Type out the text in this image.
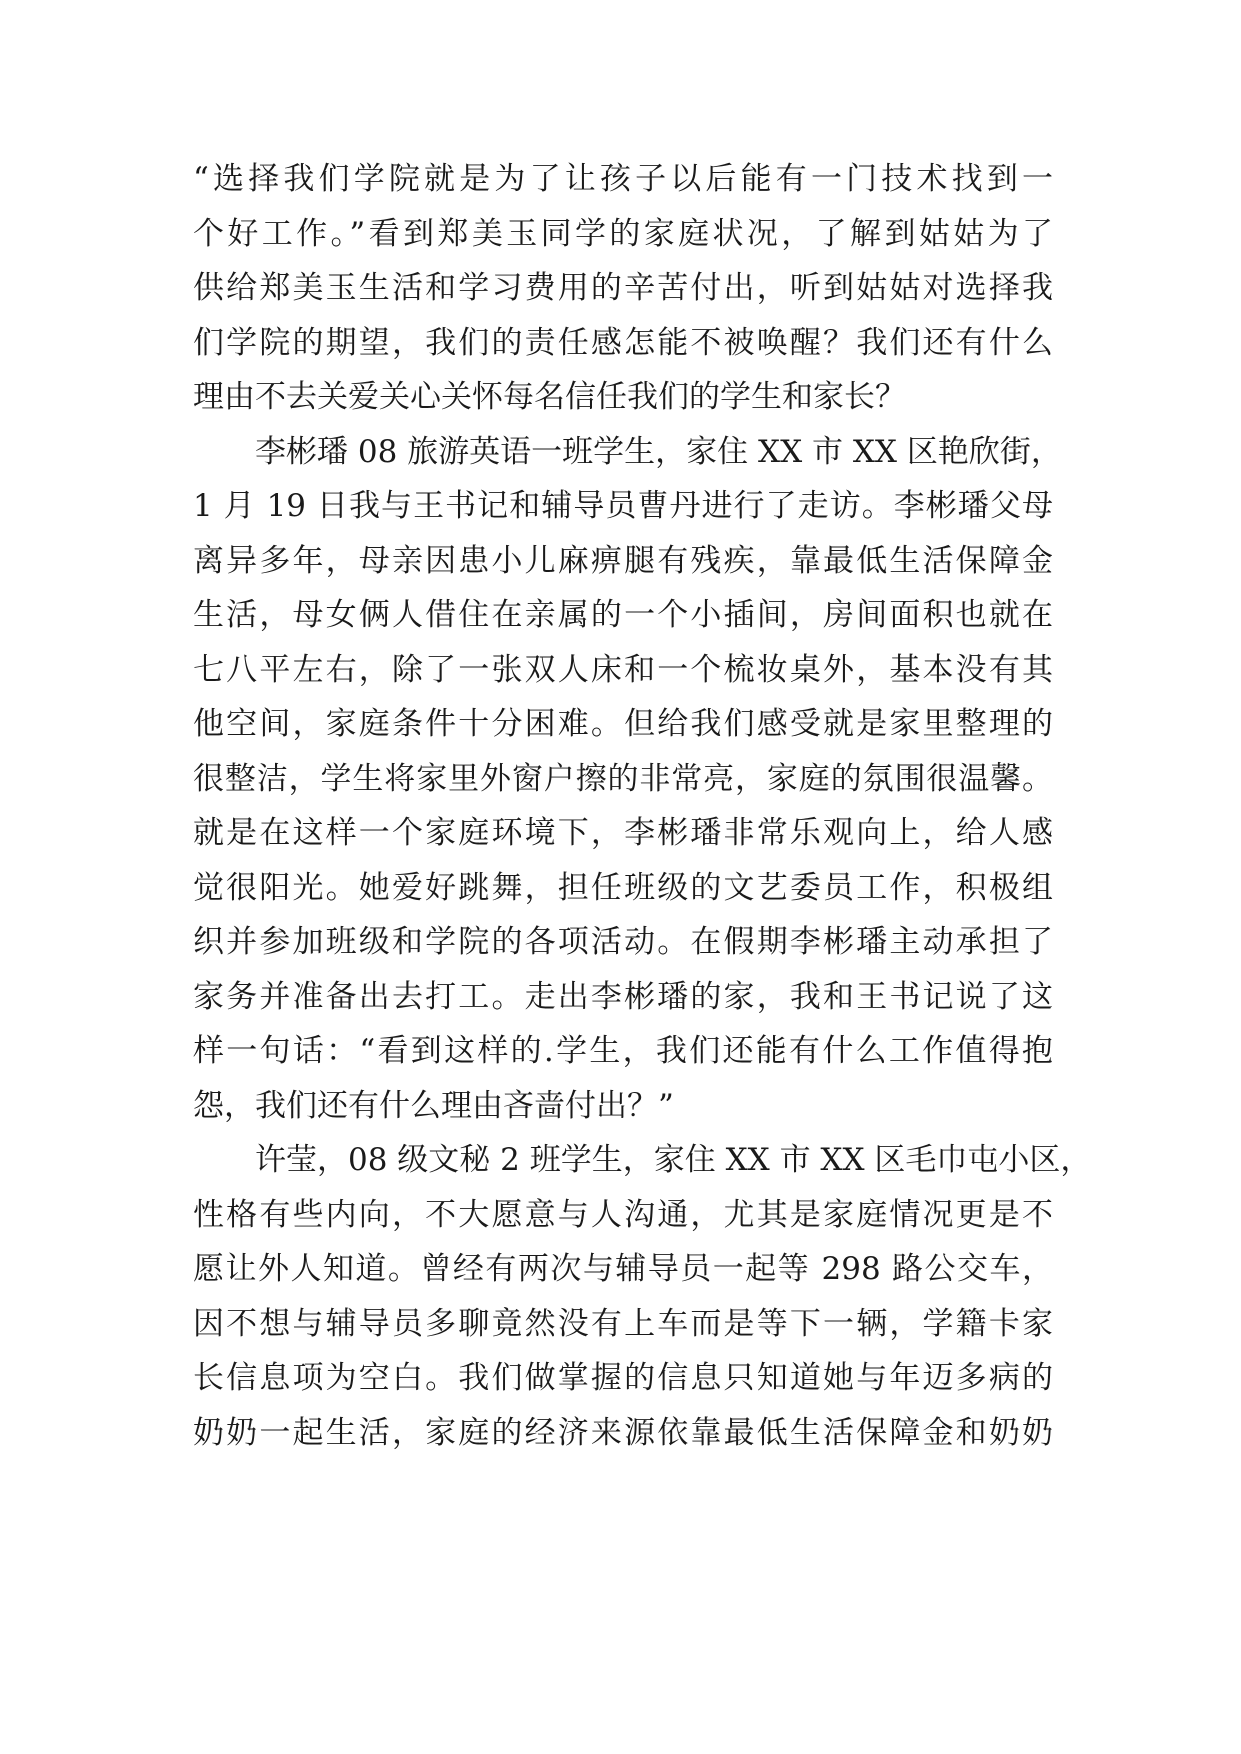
“选择我们学院就是为了让孩子以后能有一门技术找到一
个好工作。”看到郑美玉同学的家庭状况，了解到姑姑为了
供给郑美玉生活和学习费用的辛苦付出，听到姑姑对选择我
们学院的期望，我们的责任感怎能不被唤醒？我们还有什么
理由不去关爱关心关怀每名信任我们的学生和家长？
李彬璠 08 旅游英语一班学生，家住 XX 市 XX 区艳欣街，
1 月 19 日我与王书记和辅导员曹丹进行了走访。李彬璠父母
离异多年，母亲因患小儿麻痹腿有残疾，靠最低生活保障金
生活，母女俩人借住在亲属的一个小插间，房间面积也就在
七八平左右，除了一张双人床和一个梳妆桌外，基本没有其
他空间，家庭条件十分困难。但给我们感受就是家里整理的
很整洁，学生将家里外窗户擦的非常亮，家庭的氛围很温馨。
就是在这样一个家庭环境下，李彬璠非常乐观向上，给人感
觉很阳光。她爱好跳舞，担任班级的文艺委员工作，积极组
织并参加班级和学院的各项活动。在假期李彬璠主动承担了
家务并准备出去打工。走出李彬璠的家，我和王书记说了这
样一句话：“看到这样的.学生，我们还能有什么工作值得抱
怨，我们还有什么理由吝啬付出？”
许莹，08 级文秘 2 班学生，家住 XX 市 XX 区毛巾屯小区，
性格有些内向，不大愿意与人沟通，尤其是家庭情况更是不
愿让外人知道。曾经有两次与辅导员一起等 298 路公交车，
因不想与辅导员多聊竟然没有上车而是等下一辆，学籍卡家
长信息项为空白。我们做掌握的信息只知道她与年迈多病的
奶奶一起生活，家庭的经济来源依靠最低生活保障金和奶奶
